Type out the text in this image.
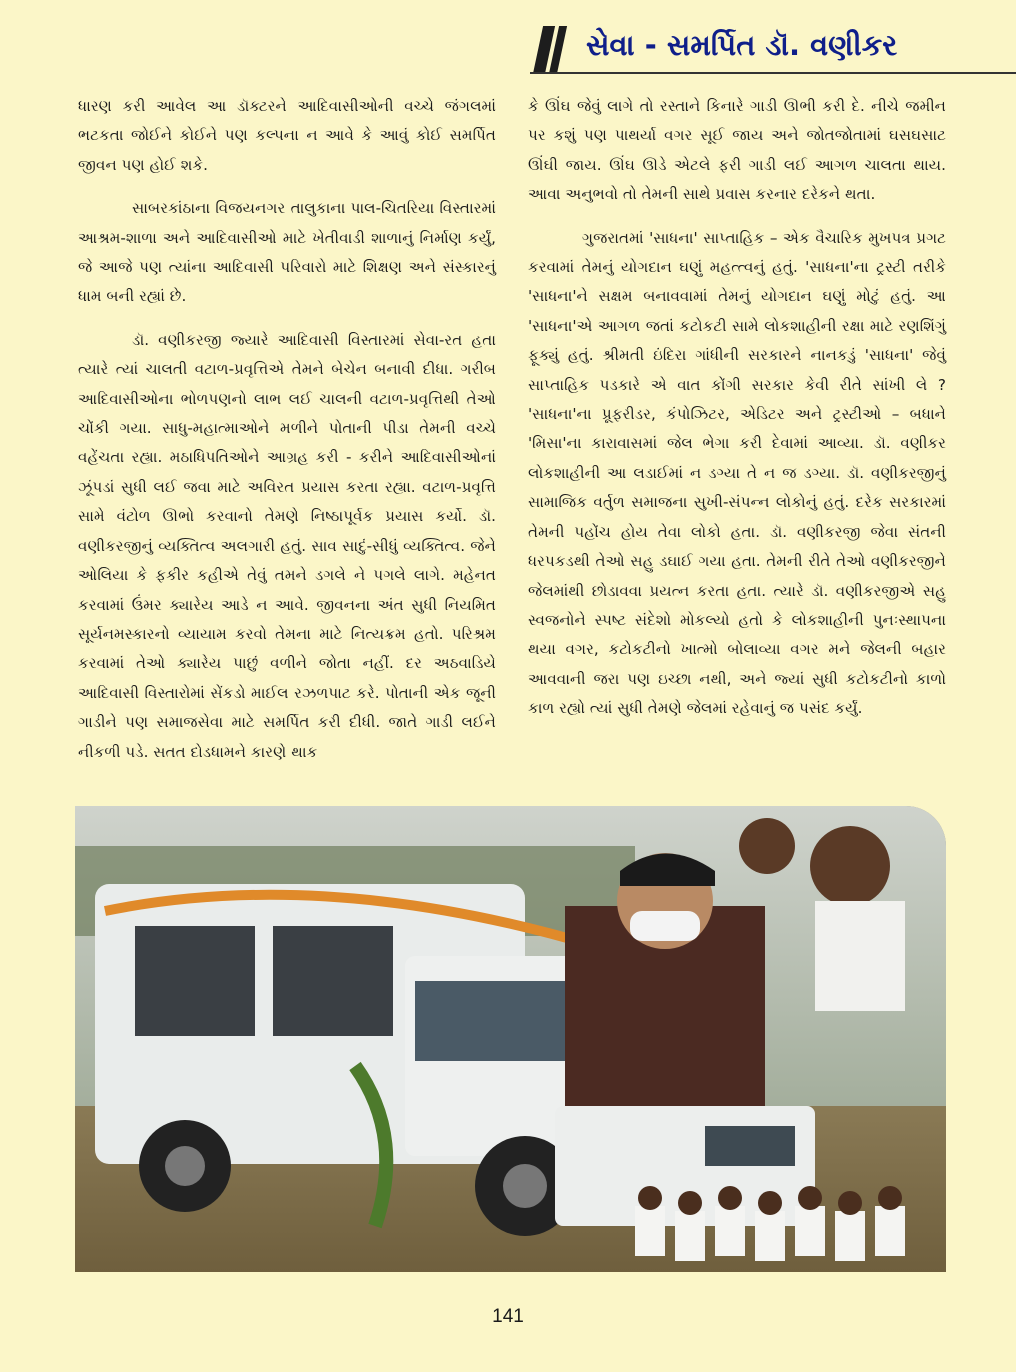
સેવા - સમર્પિત ડૉ. વણીકર

ધારણ કરી આવેલ આ ડૉક્ટરને આદિવાસીઓની વચ્ચે જંગલમાં ભટકતા જોઈને કોઈને પણ કલ્પના ન આવે કે આવું કોઈ સમર્પિત જીવન પણ હોઈ શકે.

સાબરકાંઠાના વિજયનગર તાલુકાના પાલ-ચિતરિયા વિસ્તારમાં આશ્રમ-શાળા અને આદિવાસીઓ માટે ખેતીવાડી શાળાનું નિર્માણ કર્યું, જે આજે પણ ત્યાંના આદિવાસી પરિવારો માટે શિક્ષણ અને સંસ્કારનું ધામ બની રહ્યાં છે.

ડૉ. વણીકરજી જ્યારે આદિવાસી વિસ્તારમાં સેવા-રત હતા ત્યારે ત્યાં ચાલતી વટાળ-પ્રવૃત્તિએ તેમને બેચેન બનાવી દીધા. ગરીબ આદિવાસીઓના ભોળપણનો લાભ લઈ ચાલની વટાળ-પ્રવૃત્તિથી તેઓ ચોંકી ગયા. સાધુ-મહાત્માઓને મળીને પોતાની પીડા તેમની વચ્ચે વહેંચતા રહ્યા. મઠાધિપતિઓને આગ્રહ કરી - કરીને આદિવાસીઓનાં ઝૂંપડાં સુધી લઈ જવા માટે અવિરત પ્રયાસ કરતા રહ્યા. વટાળ-પ્રવૃત્તિ સામે વંટોળ ઊભો કરવાનો તેમણે નિષ્ઠાપૂર્વક પ્રયાસ કર્યો. ડૉ. વણીકરજીનું વ્યક્તિત્વ અલગારી હતું. સાવ સાદું-સીધું વ્યક્તિત્વ. જેને ઓલિયા કે ફકીર કહીએ તેવું તમને ડગલે ને પગલે લાગે. મહેનત કરવામાં ઉંમર ક્યારેય આડે ન આવે. જીવનના અંત સુધી નિયમિત સૂર્યનમસ્કારનો વ્યાયામ કરવો તેમના માટે નિત્યક્રમ હતો. પરિશ્રમ કરવામાં તેઓ ક્યારેય પાછું વળીને જોતા નહીં. દર અઠવાડિયે આદિવાસી વિસ્તારોમાં સેંકડો માઈલ રઝળપાટ કરે. પોતાની એક જૂની ગાડીને પણ સમાજસેવા માટે સમર્પિત કરી દીધી. જાતે ગાડી લઈને નીકળી પડે. સતત દોડધામને કારણે થાક

કે ઊંઘ જેવું લાગે તો રસ્તાને કિનારે ગાડી ઊભી કરી દે. નીચે જમીન પર કશું પણ પાથર્યા વગર સૂઈ જાય અને જોતજોતામાં ઘસઘસાટ ઊંઘી જાય. ઊંઘ ઊડે એટલે ફરી ગાડી લઈ આગળ ચાલતા થાય. આવા અનુભવો તો તેમની સાથે પ્રવાસ કરનાર દરેકને થતા.

ગુજરાતમાં 'સાધના' સાપ્તાહિક – એક વૈચારિક મુખપત્ર પ્રગટ કરવામાં તેમનું યોગદાન ઘણું મહત્ત્વનું હતું. 'સાધના'ના ટ્રસ્ટી તરીકે 'સાધના'ને સક્ષમ બનાવવામાં તેમનું યોગદાન ઘણું મોટું હતું. આ 'સાધના'એ આગળ જતાં કટોકટી સામે લોકશાહીની રક્ષા માટે રણશિંગું ફૂક્યું હતું. શ્રીમતી ઇંદિરા ગાંધીની સરકારને નાનકડું 'સાધના' જેવું સાપ્તાહિક પડકારે એ વાત કોંગી સરકાર કેવી રીતે સાંખી લે ? 'સાધના'ના પ્રૂફરીડર, કંપોઝિટર, એડિટર અને ટ્રસ્ટીઓ – બધાને 'મિસા'ના કારાવાસમાં જેલ ભેગા કરી દેવામાં આવ્યા. ડૉ. વણીકર લોકશાહીની આ લડાઈમાં ન ડગ્યા તે ન જ ડગ્યા. ડૉ. વણીકરજીનું સામાજિક વર્તુળ સમાજના સુખી-સંપન્ન લોકોનું હતું. દરેક સરકારમાં તેમની પહોંચ હોય તેવા લોકો હતા. ડૉ. વણીકરજી જેવા સંતની ધરપકડથી તેઓ સહુ ડઘાઈ ગયા હતા. તેમની રીતે તેઓ વણીકરજીને જેલમાંથી છોડાવવા પ્રયત્ન કરતા હતા. ત્યારે ડૉ. વણીકરજીએ સહુ સ્વજનોને સ્પષ્ટ સંદેશો મોકલ્યો હતો કે લોકશાહીની પુનઃસ્થાપના થયા વગર, કટોકટીનો ખાત્મો બોલાવ્યા વગર મને જેલની બહાર આવવાની જરા પણ ઇચ્છા નથી, અને જ્યાં સુધી કટોકટીનો કાળો કાળ રહ્યો ત્યાં સુધી તેમણે જેલમાં રહેવાનું જ પસંદ કર્યું.

141
